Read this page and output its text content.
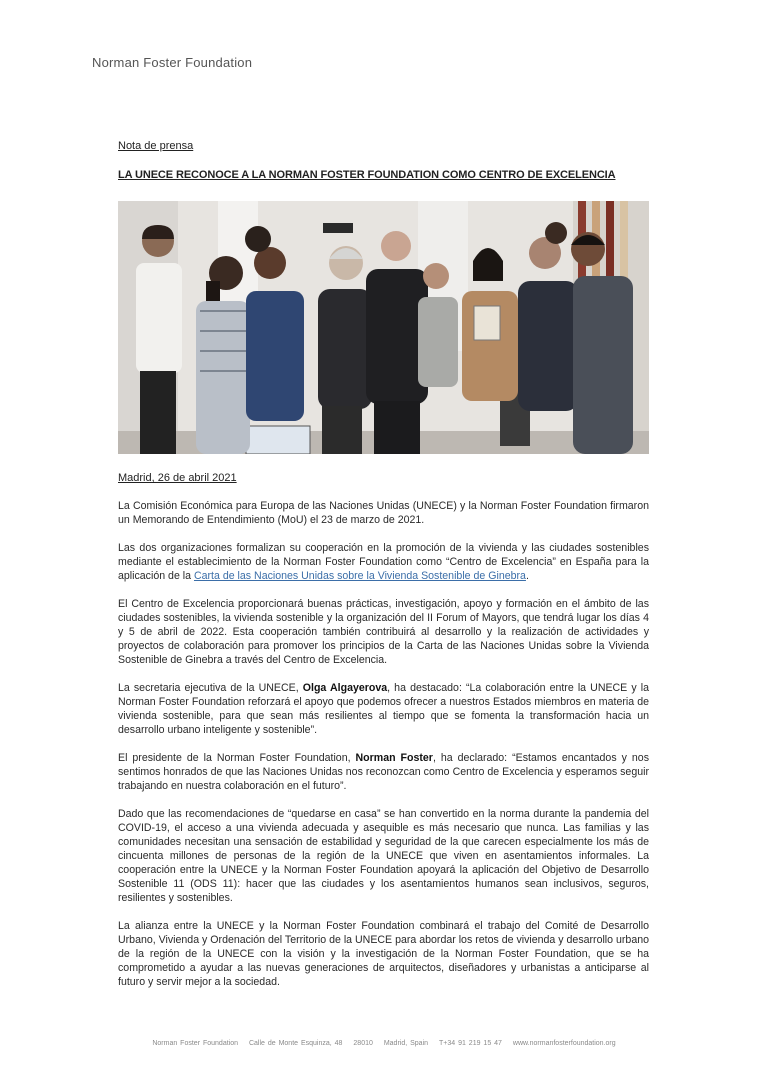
Norman Foster Foundation
Nota de prensa
LA UNECE RECONOCE A LA NORMAN FOSTER FOUNDATION COMO CENTRO DE EXCELENCIA
Madrid, 26 de abril 2021

La Comisión Económica para Europa de las Naciones Unidas (UNECE) y la Norman Foster Foundation firmaron un Memorando de Entendimiento (MoU) el 23 de marzo de 2021.

Las dos organizaciones formalizan su cooperación en la promoción de la vivienda y las ciudades sostenibles mediante el establecimiento de la Norman Foster Foundation como “Centro de Excelencia” en España para la aplicación de la Carta de las Naciones Unidas sobre la Vivienda Sostenible de Ginebra.

El Centro de Excelencia proporcionará buenas prácticas, investigación, apoyo y formación en el ámbito de las ciudades sostenibles, la vivienda sostenible y la organización del II Forum of Mayors, que tendrá lugar los días 4 y 5 de abril de 2022. Esta cooperación también contribuirá al desarrollo y la realización de actividades y proyectos de colaboración para promover los principios de la Carta de las Naciones Unidas sobre la Vivienda Sostenible de Ginebra a través del Centro de Excelencia.

La secretaria ejecutiva de la UNECE, Olga Algayerova, ha destacado: “La colaboración entre la UNECE y la Norman Foster Foundation reforzará el apoyo que podemos ofrecer a nuestros Estados miembros en materia de vivienda sostenible, para que sean más resilientes al tiempo que se fomenta la transformación hacia un desarrollo urbano inteligente y sostenible”.

El presidente de la Norman Foster Foundation, Norman Foster, ha declarado: “Estamos encantados y nos sentimos honrados de que las Naciones Unidas nos reconozcan como Centro de Excelencia y esperamos seguir trabajando en nuestra colaboración en el futuro”.

Dado que las recomendaciones de “quedarse en casa” se han convertido en la norma durante la pandemia del COVID-19, el acceso a una vivienda adecuada y asequible es más necesario que nunca. Las familias y las comunidades necesitan una sensación de estabilidad y seguridad de la que carecen especialmente los más de cincuenta millones de personas de la región de la UNECE que viven en asentamientos informales. La cooperación entre la UNECE y la Norman Foster Foundation apoyará la aplicación del Objetivo de Desarrollo Sostenible 11 (ODS 11): hacer que las ciudades y los asentamientos humanos sean inclusivos, seguros, resilientes y sostenibles.

La alianza entre la UNECE y la Norman Foster Foundation combinará el trabajo del Comité de Desarrollo Urbano, Vivienda y Ordenación del Territorio de la UNECE para abordar los retos de vivienda y desarrollo urbano de la región de la UNECE con la visión y la investigación de la Norman Foster Foundation, que se ha comprometido a ayudar a las nuevas generaciones de arquitectos, diseñadores y urbanistas a anticiparse al futuro y servir mejor a la sociedad.

Norman Foster Foundation Calle de Monte Esquinza, 48 28010 Madrid, Spain T+34 91 219 15 47 www.normanfosterfoundation.org
